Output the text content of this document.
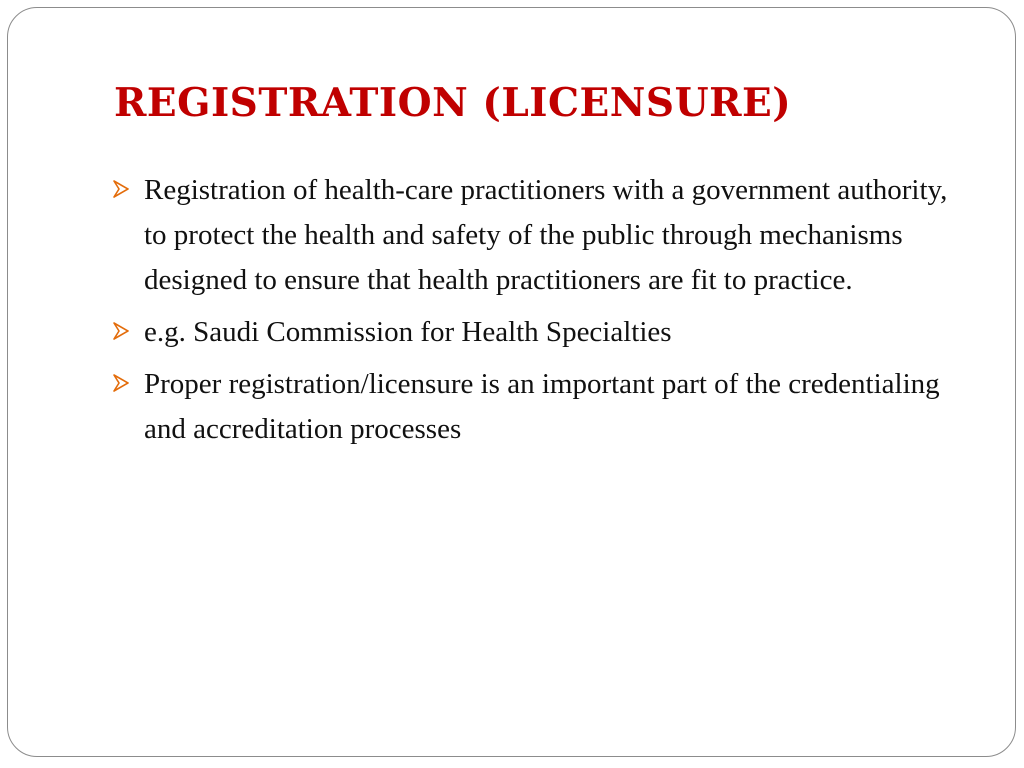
REGISTRATION (LICENSURE)
Registration of health-care practitioners with a government authority, to protect the health and safety of the public through mechanisms designed to ensure that health practitioners are fit to practice.
e.g. Saudi Commission for Health Specialties
Proper registration/licensure is an important part of the credentialing and accreditation processes
